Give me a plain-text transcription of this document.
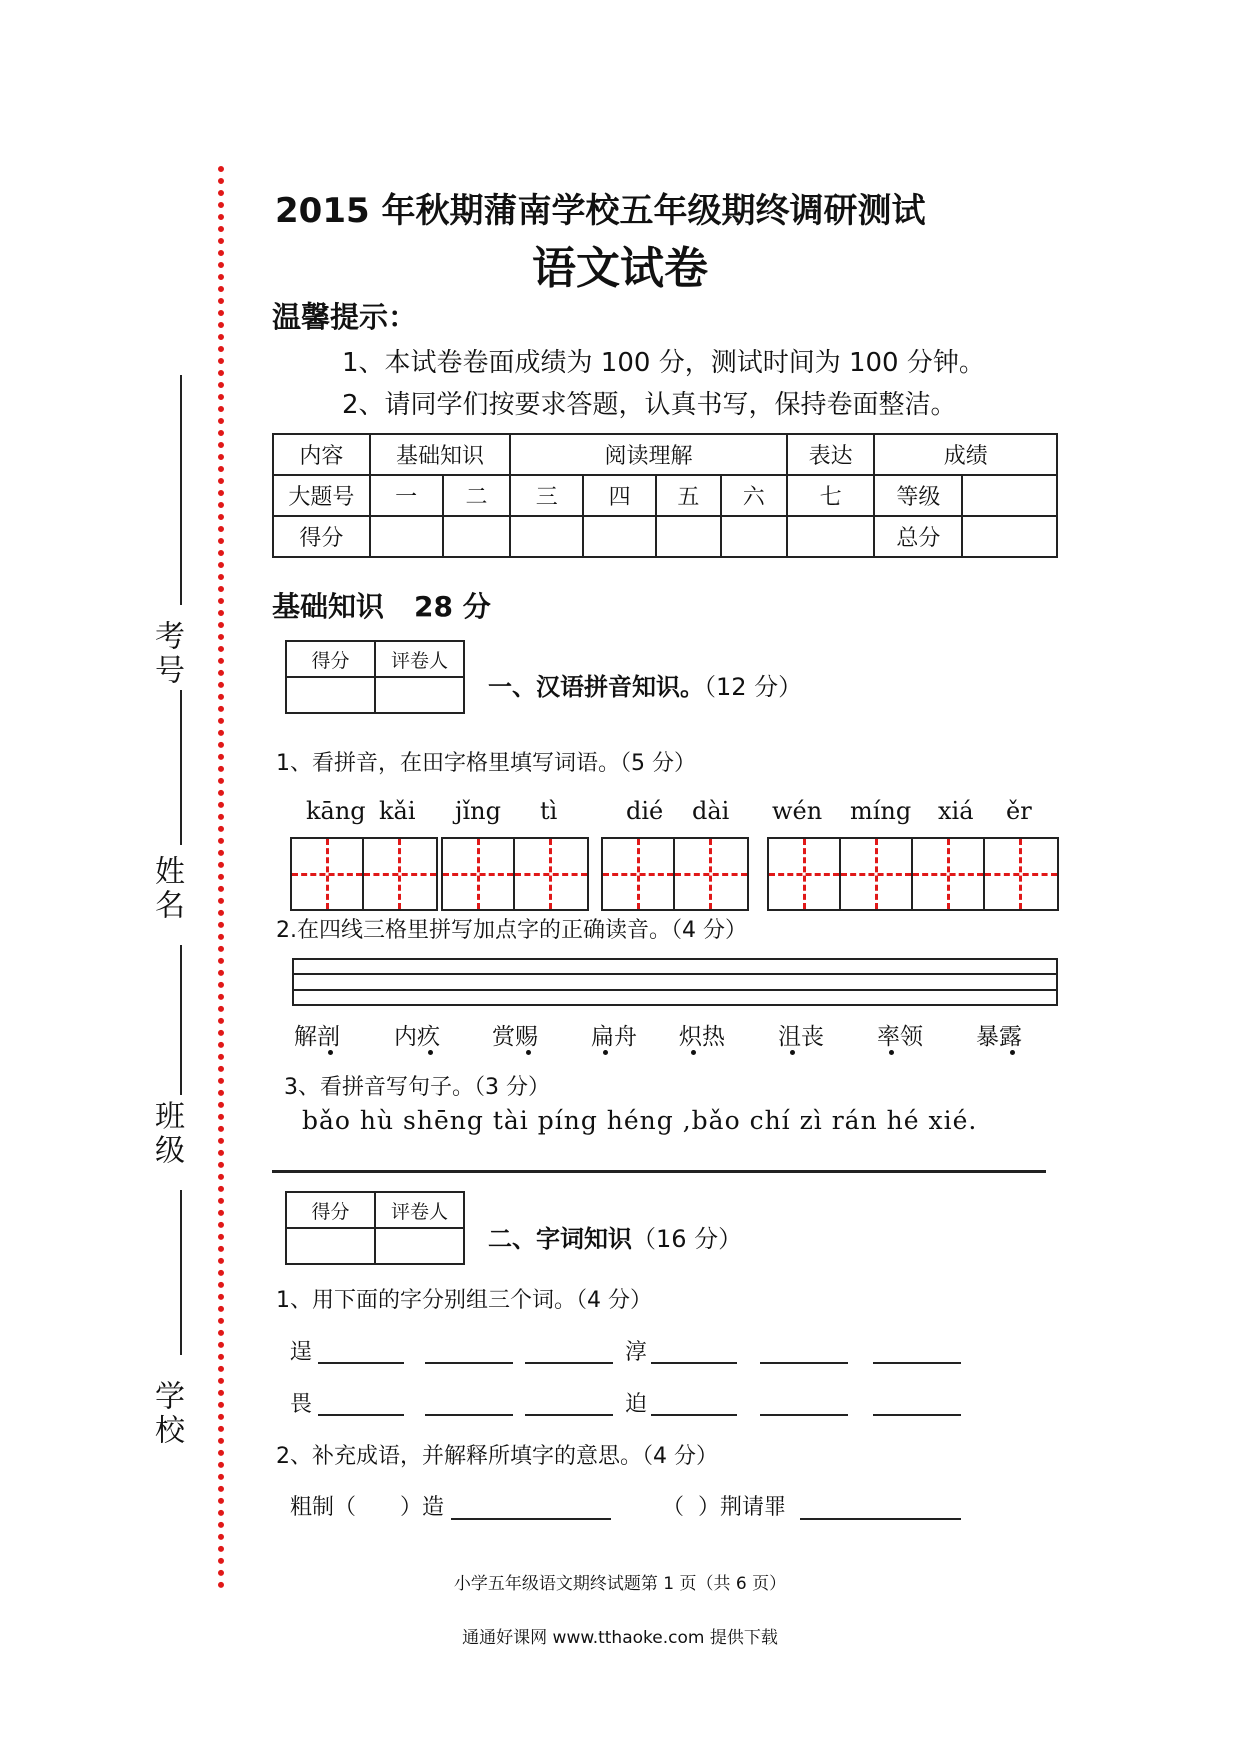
考号
姓名
班级
学校
2015 年秋期蒲南学校五年级期终调研测试
语文试卷
温馨提示：
1、本试卷卷面成绩为 100 分，测试时间为 100 分钟。
2、请同学们按要求答题，认真书写，保持卷面整洁。
内容	基础知识		阅读理解				表达	成绩	
大题号	一	二	三	四	五	六	七	等级	
得分								总分	
基础知识 28 分
得分	评卷人

一、汉语拼音知识。（12 分）
1、看拼音，在田字格里填写词语。（5 分）
kāng kǎi jǐng tì	dié dài wén míng xiá ěr
2.在四线三格里拼写加点字的正确读音。（4 分）
解剖 内疚 赏赐 扁舟 炽热 沮丧 率领 暴露
3、看拼音写句子。（3 分）
bǎo hù shēng tài píng héng ,bǎo chí zì rán hé xié.
得分	评卷人

二、字词知识（16 分）
1、用下面的字分别组三个词。（4 分）
逞	淳
畏	迫
2、补充成语，并解释所填字的意思。（4 分）
粗制（ ）造	（ ）荆请罪
小学五年级语文期终试题第 1 页（共 6 页）
通通好课网 www.tthaoke.com 提供下载
